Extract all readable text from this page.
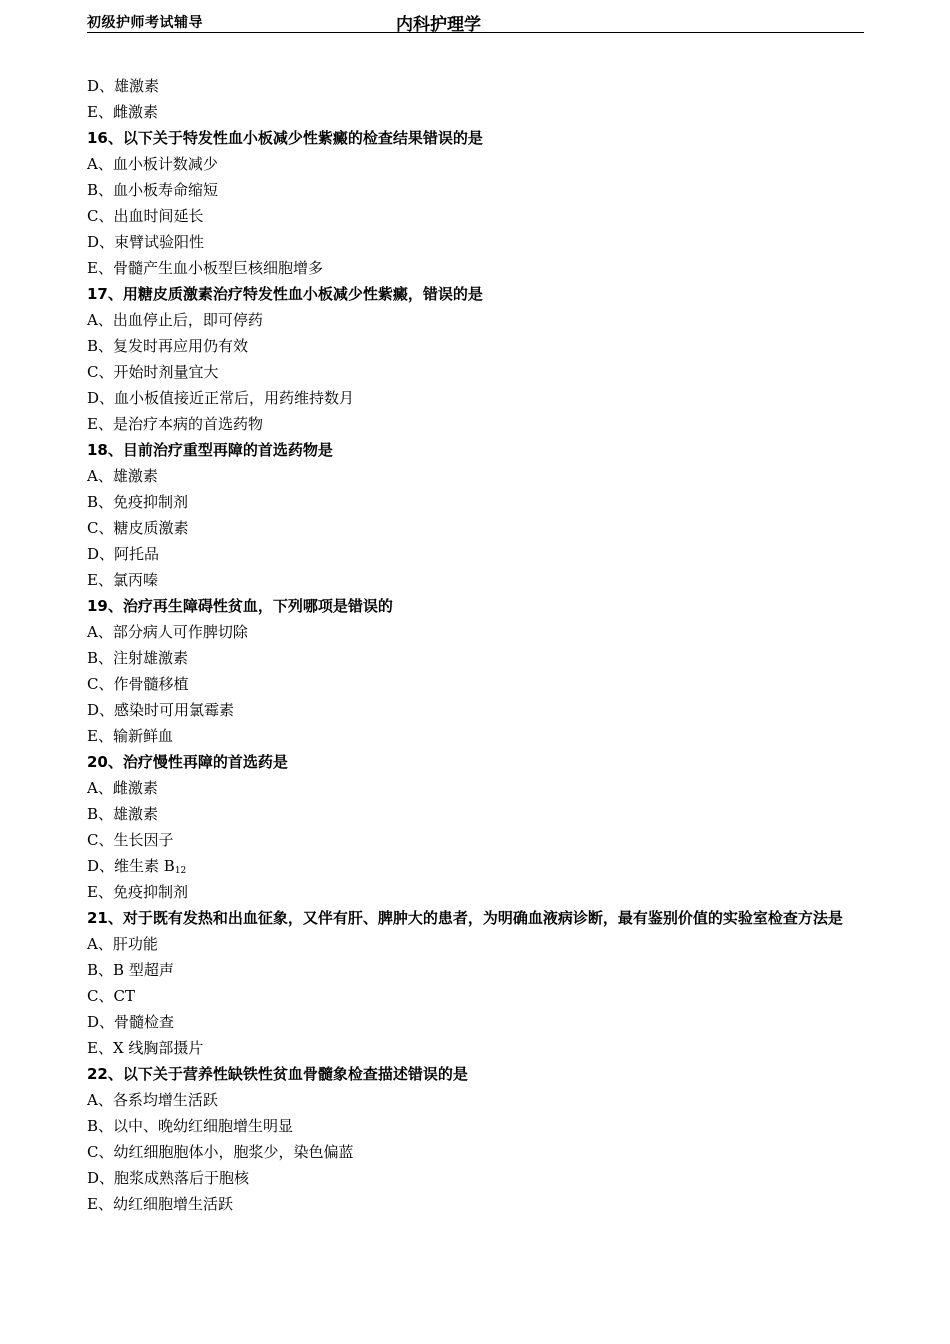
初级护师考试辅导	内科护理学
D、雄激素
E、雌激素
16、以下关于特发性血小板减少性紫癜的检查结果错误的是
A、血小板计数减少
B、血小板寿命缩短
C、出血时间延长
D、束臂试验阳性
E、骨髓产生血小板型巨核细胞增多
17、用糖皮质激素治疗特发性血小板减少性紫癜，错误的是
A、出血停止后，即可停药
B、复发时再应用仍有效
C、开始时剂量宜大
D、血小板值接近正常后，用药维持数月
E、是治疗本病的首选药物
18、目前治疗重型再障的首选药物是
A、雄激素
B、免疫抑制剂
C、糖皮质激素
D、阿托品
E、氯丙嗪
19、治疗再生障碍性贫血，下列哪项是错误的
A、部分病人可作脾切除
B、注射雄激素
C、作骨髓移植
D、感染时可用氯霉素
E、输新鲜血
20、治疗慢性再障的首选药是
A、雌激素
B、雄激素
C、生长因子
D、维生素 $B_{12}$
E、免疫抑制剂
21、对于既有发热和出血征象，又伴有肝、脾肿大的患者，为明确血液病诊断，最有鉴别价值的实验室检查方法是
A、肝功能
B、B 型超声
C、CT
D、骨髓检查
E、X 线胸部摄片
22、以下关于营养性缺铁性贫血骨髓象检查描述错误的是
A、各系均增生活跃
B、以中、晚幼红细胞增生明显
C、幼红细胞胞体小，胞浆少，染色偏蓝
D、胞浆成熟落后于胞核
E、幼红细胞增生活跃
